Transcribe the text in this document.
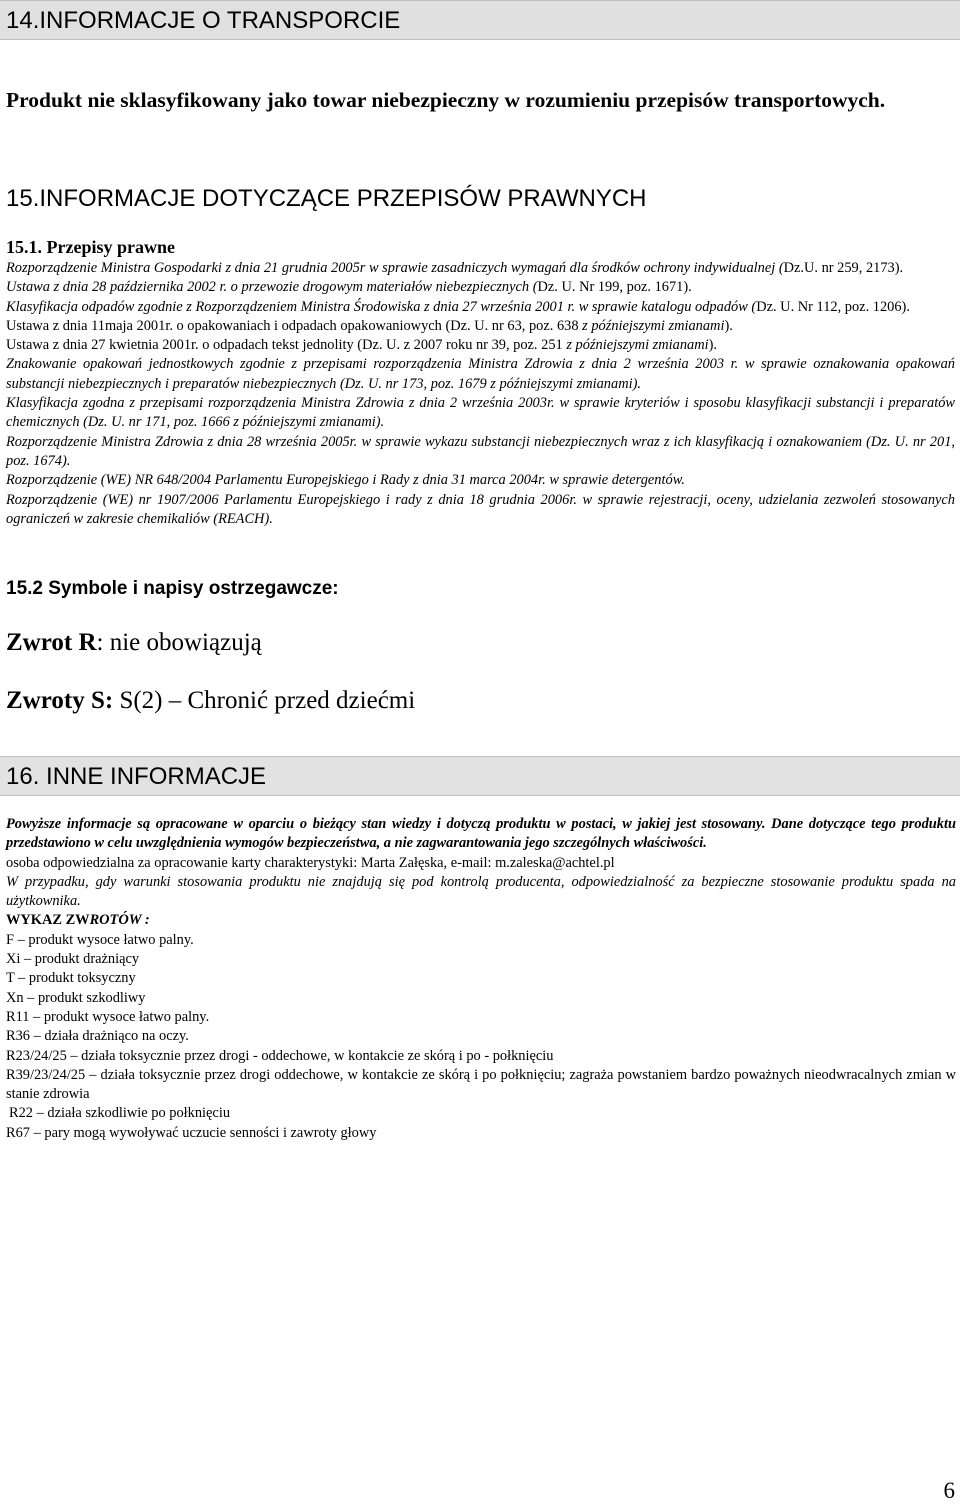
14.INFORMACJE O TRANSPORCIE
Produkt nie sklasyfikowany jako towar niebezpieczny w rozumieniu przepisów transportowych.
15.INFORMACJE DOTYCZĄCE PRZEPISÓW PRAWNYCH
15.1. Przepisy prawne

Rozporządzenie Ministra Gospodarki z dnia 21 grudnia 2005r w sprawie zasadniczych wymagań dla środków ochrony indywidualnej (Dz.U. nr 259, 2173).

Ustawa z dnia 28 października 2002 r. o przewozie drogowym materiałów niebezpiecznych (Dz. U. Nr 199, poz. 1671).

Klasyfikacja odpadów zgodnie z Rozporządzeniem Ministra Środowiska z dnia 27 września 2001 r. w sprawie katalogu odpadów (Dz. U. Nr 112, poz. 1206).

Ustawa z dnia 11maja 2001r. o opakowaniach i odpadach opakowaniowych (Dz. U. nr 63, poz. 638 z późniejszymi zmianami).

Ustawa z dnia 27 kwietnia 2001r. o odpadach tekst jednolity (Dz. U. z 2007 roku nr 39, poz. 251 z późniejszymi zmianami).

Znakowanie opakowań jednostkowych zgodnie z przepisami rozporządzenia Ministra Zdrowia z dnia 2 września 2003 r. w sprawie oznakowania opakowań substancji niebezpiecznych i preparatów niebezpiecznych (Dz. U. nr 173, poz. 1679 z późniejszymi zmianami).

Klasyfikacja zgodna z przepisami rozporządzenia Ministra Zdrowia z dnia 2 września 2003r. w sprawie kryteriów i sposobu klasyfikacji substancji i preparatów chemicznych (Dz. U. nr 171, poz. 1666 z późniejszymi zmianami).

Rozporządzenie Ministra Zdrowia z dnia 28 września 2005r. w sprawie wykazu substancji niebezpiecznych wraz z ich klasyfikacją i oznakowaniem (Dz. U. nr 201, poz. 1674).

Rozporządzenie (WE) NR 648/2004 Parlamentu Europejskiego i Rady z dnia 31 marca 2004r. w sprawie detergentów.

Rozporządzenie (WE) nr 1907/2006 Parlamentu Europejskiego i rady z dnia 18 grudnia 2006r. w sprawie rejestracji, oceny, udzielania zezwoleń stosowanych ograniczeń w zakresie chemikaliów (REACH).

15.2 Symbole i napisy ostrzegawcze:
Zwrot R: nie obowiązują
Zwroty S: S(2) – Chronić przed dziećmi
16. INNE INFORMACJE

Powyższe informacje są opracowane w oparciu o bieżący stan wiedzy i dotyczą produktu w postaci, w jakiej jest stosowany. Dane dotyczące tego produktu przedstawiono w celu uwzględnienia wymogów bezpieczeństwa, a nie zagwarantowania jego szczególnych właściwości.

osoba odpowiedzialna za opracowanie karty charakterystyki: Marta Załęska, e-mail: m.zaleska@achtel.pl

W przypadku, gdy warunki stosowania produktu nie znajdują się pod kontrolą producenta, odpowiedzialność za bezpieczne stosowanie produktu spada na użytkownika.

WYKAZ ZWROTÓW :

F – produkt wysoce łatwo palny.

Xi – produkt drażniący

T – produkt toksyczny

Xn – produkt szkodliwy

R11 – produkt wysoce łatwo palny.

R36 – działa drażniąco na oczy.

R23/24/25 – działa toksycznie przez drogi - oddechowe, w kontakcie ze skórą i po - połknięciu

R39/23/24/25 – działa toksycznie przez drogi oddechowe, w kontakcie ze skórą i po połknięciu; zagraża powstaniem bardzo poważnych nieodwracalnych zmian w stanie zdrowia

R22 – działa szkodliwie po połknięciu

R67 – pary mogą wywoływać uczucie senności i zawroty głowy

6
